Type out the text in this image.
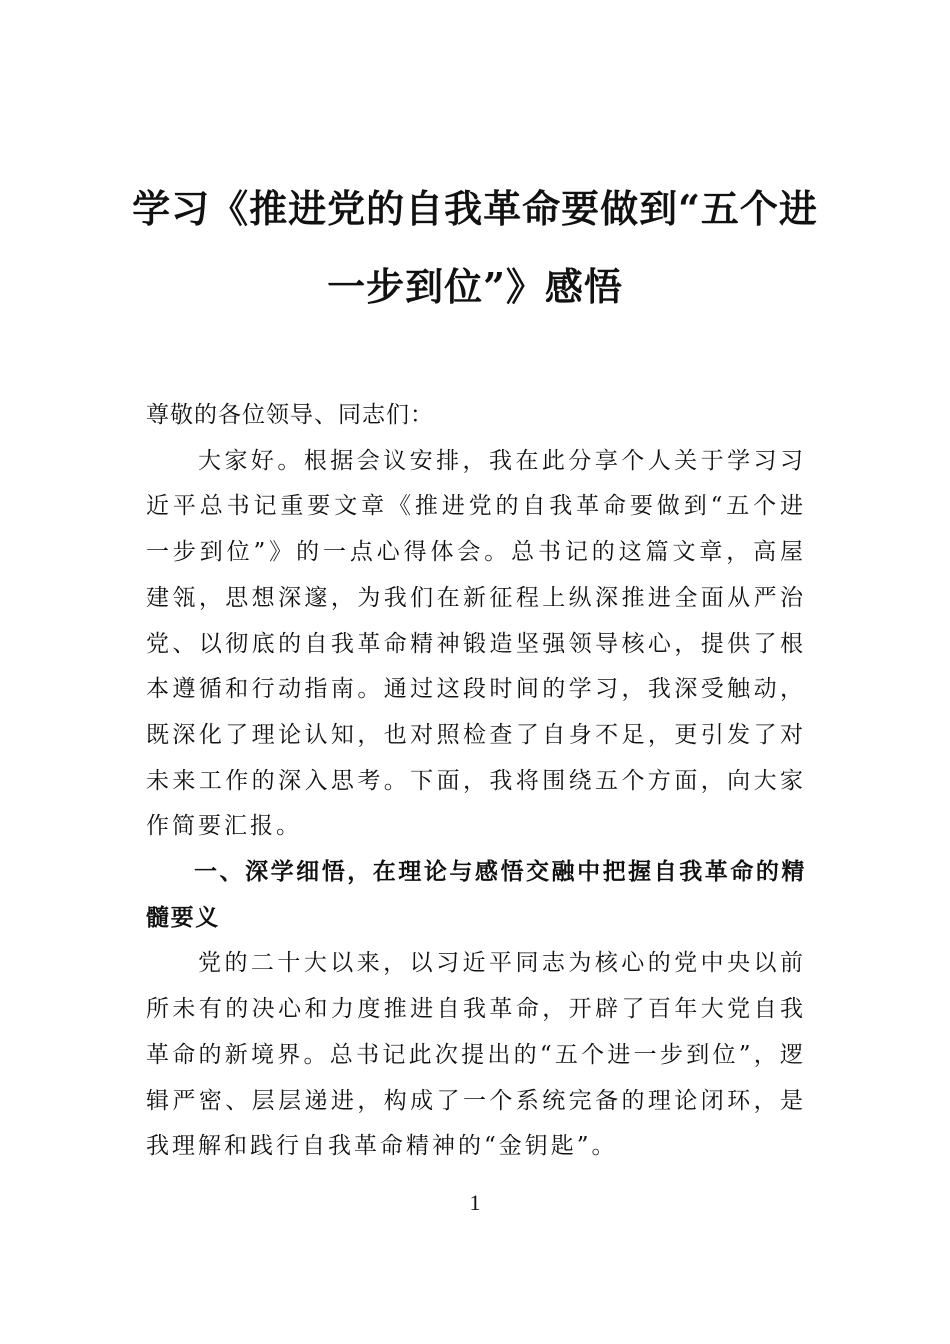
学习《推进党的自我革命要做到“五个进

一步到位”》感悟

尊敬的各位领导、同志们：

大家好。根据会议安排，我在此分享个人关于学习习近平总书记重要文章《推进党的自我革命要做到“五个进一步到位”》的一点心得体会。总书记的这篇文章，高屋建瓴，思想深邃，为我们在新征程上纵深推进全面从严治党、以彻底的自我革命精神锻造坚强领导核心，提供了根本遵循和行动指南。通过这段时间的学习，我深受触动，既深化了理论认知，也对照检查了自身不足，更引发了对未来工作的深入思考。下面，我将围绕五个方面，向大家作简要汇报。

一、深学细悟，在理论与感悟交融中把握自我革命的精髓要义

党的二十大以来，以习近平同志为核心的党中央以前所未有的决心和力度推进自我革命，开辟了百年大党自我革命的新境界。总书记此次提出的“五个进一步到位”，逻辑严密、层层递进，构成了一个系统完备的理论闭环，是我理解和践行自我革命精神的“金钥匙”。

1
